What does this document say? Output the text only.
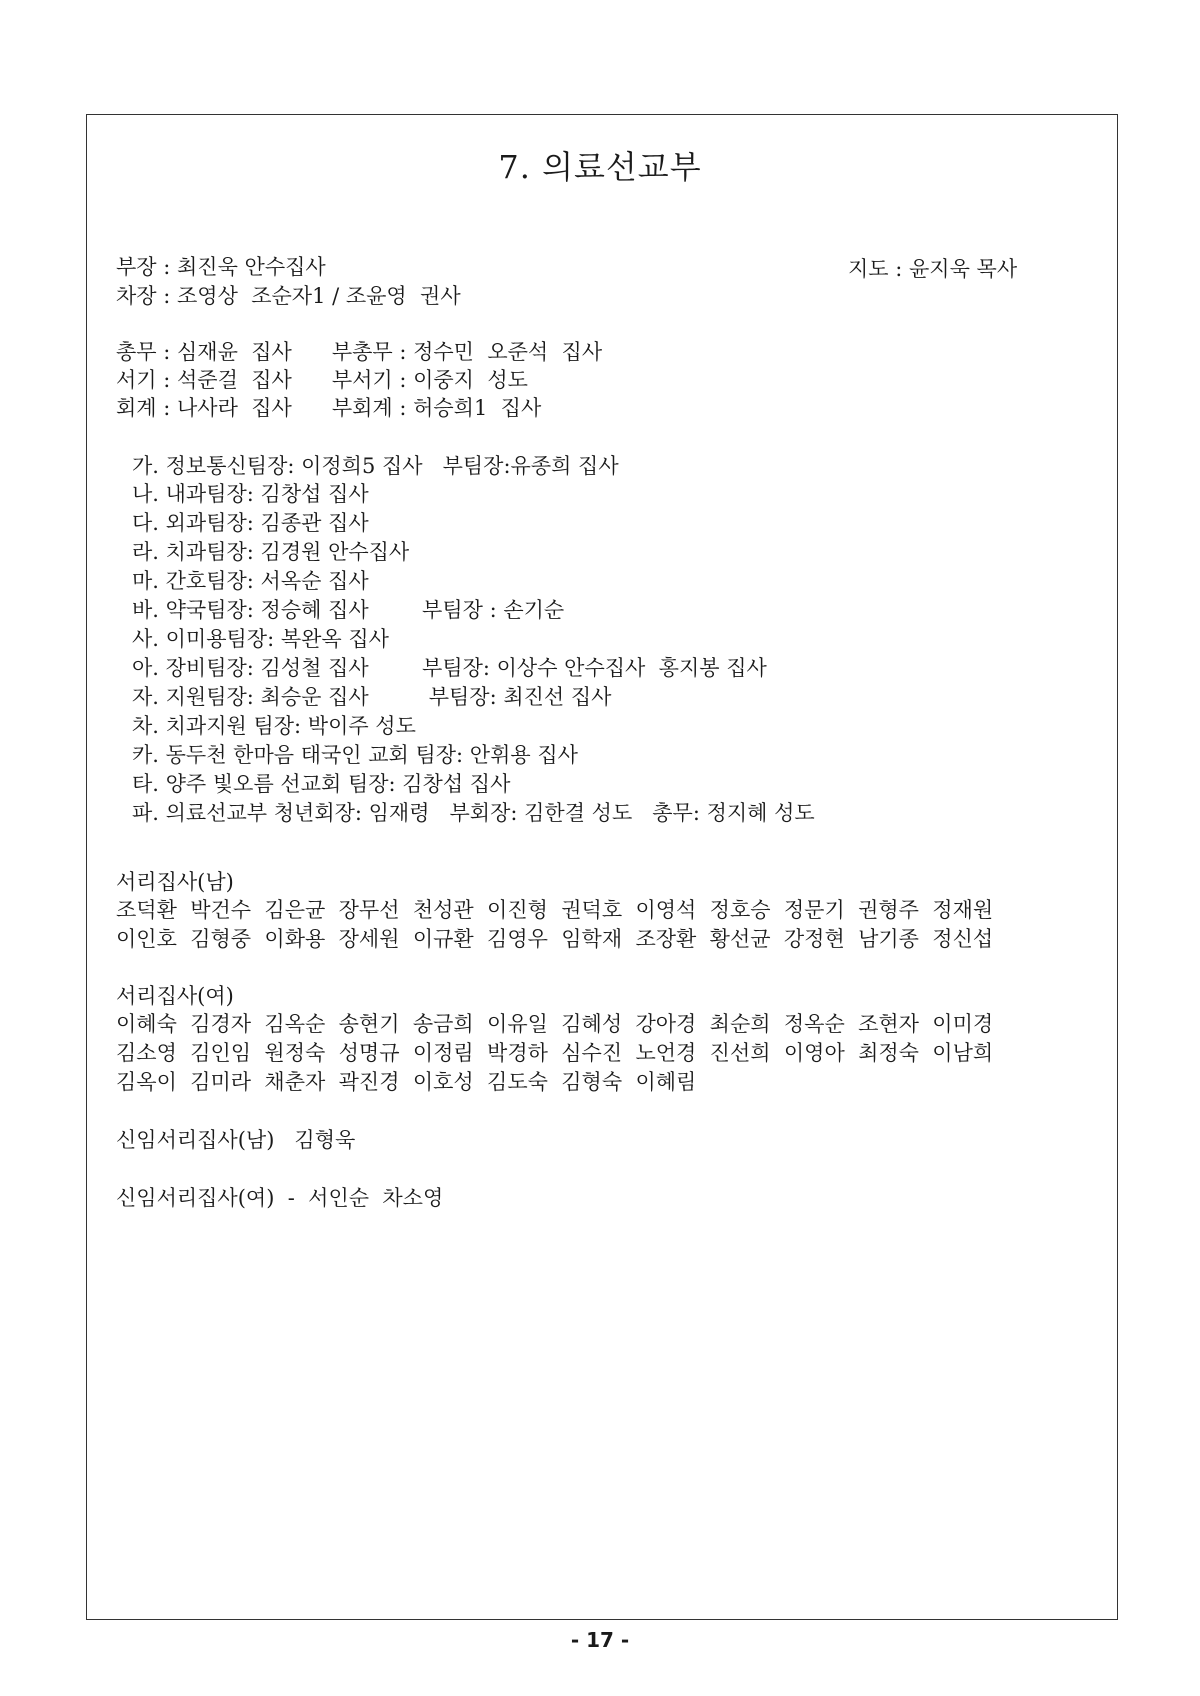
7. 의료선교부
부장 : 최진욱 안수집사	지도 : 윤지욱 목사
차장 : 조영상  조순자1 / 조윤영  권사
총무 : 심재윤  집사      부총무 : 정수민  오준석  집사
서기 : 석준걸  집사      부서기 : 이중지  성도
회계 : 나사라  집사      부회계 : 허승희1  집사
가. 정보통신팀장: 이정희5 집사   부팀장:유종희 집사
나. 내과팀장: 김창섭 집사
다. 외과팀장: 김종관 집사
라. 치과팀장: 김경원 안수집사
마. 간호팀장: 서옥순 집사
바. 약국팀장: 정승혜 집사        부팀장 : 손기순
사. 이미용팀장: 복완옥 집사
아. 장비팀장: 김성철 집사        부팀장: 이상수 안수집사  홍지봉 집사
자. 지원팀장: 최승운 집사         부팀장: 최진선 집사
차. 치과지원 팀장: 박이주 성도
카. 동두천 한마음 태국인 교회 팀장: 안휘용 집사
타. 양주 빛오름 선교회 팀장: 김창섭 집사
파. 의료선교부 청년회장: 임재령   부회장: 김한결 성도   총무: 정지혜 성도
서리집사(남)
조덕환  박건수  김은균  장무선  천성관  이진형  권덕호  이영석  정호승  정문기  권형주  정재원
이인호  김형중  이화용  장세원  이규환  김영우  임학재  조장환  황선균  강정현  남기종  정신섭
서리집사(여)
이혜숙  김경자  김옥순  송현기  송금희  이유일  김혜성  강아경  최순희  정옥순  조현자  이미경
김소영  김인임  원정숙  성명규  이정림  박경하  심수진  노언경  진선희  이영아  최정숙  이남희
김옥이  김미라  채춘자  곽진경  이호성  김도숙  김형숙  이혜림
신임서리집사(남)   김형욱
신임서리집사(여)  -  서인순  차소영
- 17 -
